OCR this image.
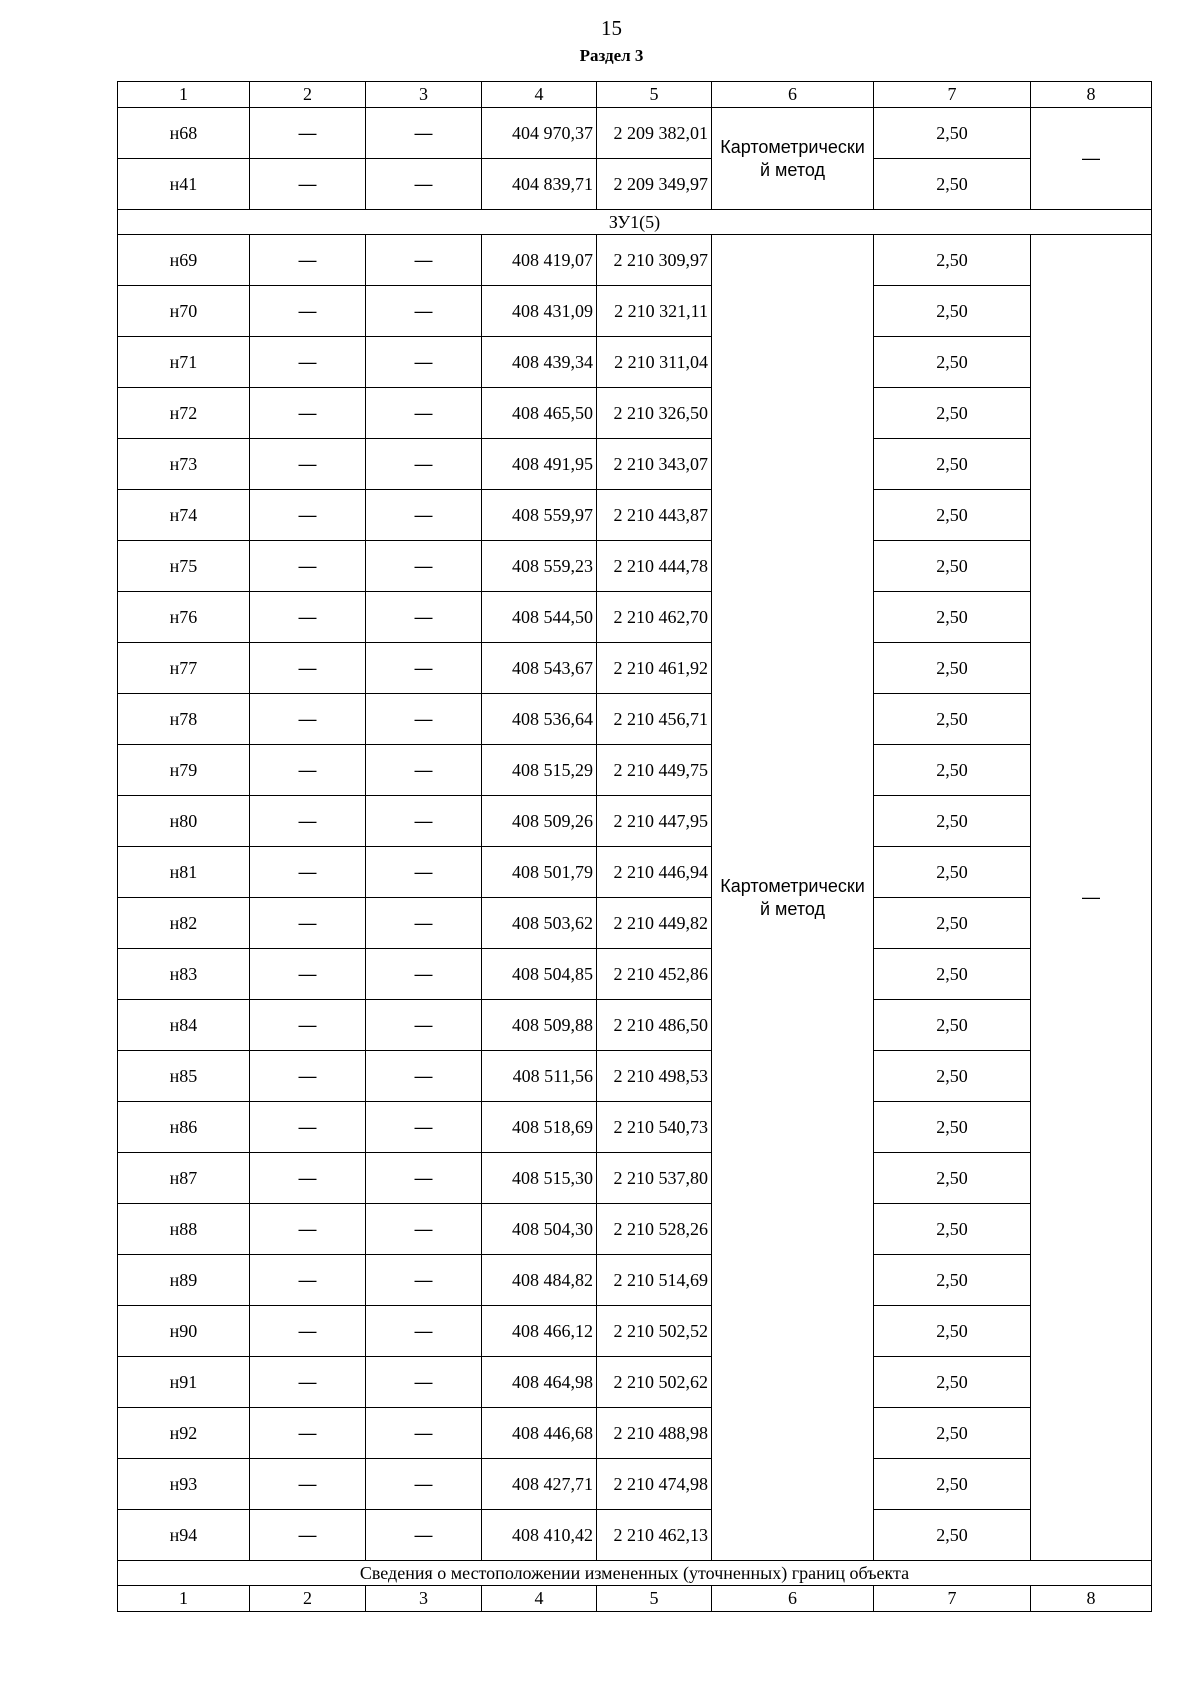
15
Раздел 3
1	2	3	4	5	6	7	8
н68	—	—	404 970,37	2 209 382,01	Картометрически й метод	2,50	—
н41	—	—	404 839,71	2 209 349,97		2,50	
ЗУ1(5)							
н69	—	—	408 419,07	2 210 309,97	Картометрически й метод	2,50	—
н70	—	—	408 431,09	2 210 321,11		2,50	
н71	—	—	408 439,34	2 210 311,04		2,50	
н72	—	—	408 465,50	2 210 326,50		2,50	
н73	—	—	408 491,95	2 210 343,07		2,50	
н74	—	—	408 559,97	2 210 443,87		2,50	
н75	—	—	408 559,23	2 210 444,78		2,50	
н76	—	—	408 544,50	2 210 462,70		2,50	
н77	—	—	408 543,67	2 210 461,92		2,50	
н78	—	—	408 536,64	2 210 456,71		2,50	
н79	—	—	408 515,29	2 210 449,75		2,50	
н80	—	—	408 509,26	2 210 447,95		2,50	
н81	—	—	408 501,79	2 210 446,94		2,50	
н82	—	—	408 503,62	2 210 449,82		2,50	
н83	—	—	408 504,85	2 210 452,86		2,50	
н84	—	—	408 509,88	2 210 486,50		2,50	
н85	—	—	408 511,56	2 210 498,53		2,50	
н86	—	—	408 518,69	2 210 540,73		2,50	
н87	—	—	408 515,30	2 210 537,80		2,50	
н88	—	—	408 504,30	2 210 528,26		2,50	
н89	—	—	408 484,82	2 210 514,69		2,50	
н90	—	—	408 466,12	2 210 502,52		2,50	
н91	—	—	408 464,98	2 210 502,62		2,50	
н92	—	—	408 446,68	2 210 488,98		2,50	
н93	—	—	408 427,71	2 210 474,98		2,50	
н94	—	—	408 410,42	2 210 462,13		2,50	
Сведения о местоположении измененных (уточненных) границ объекта							
1	2	3	4	5	6	7	8
